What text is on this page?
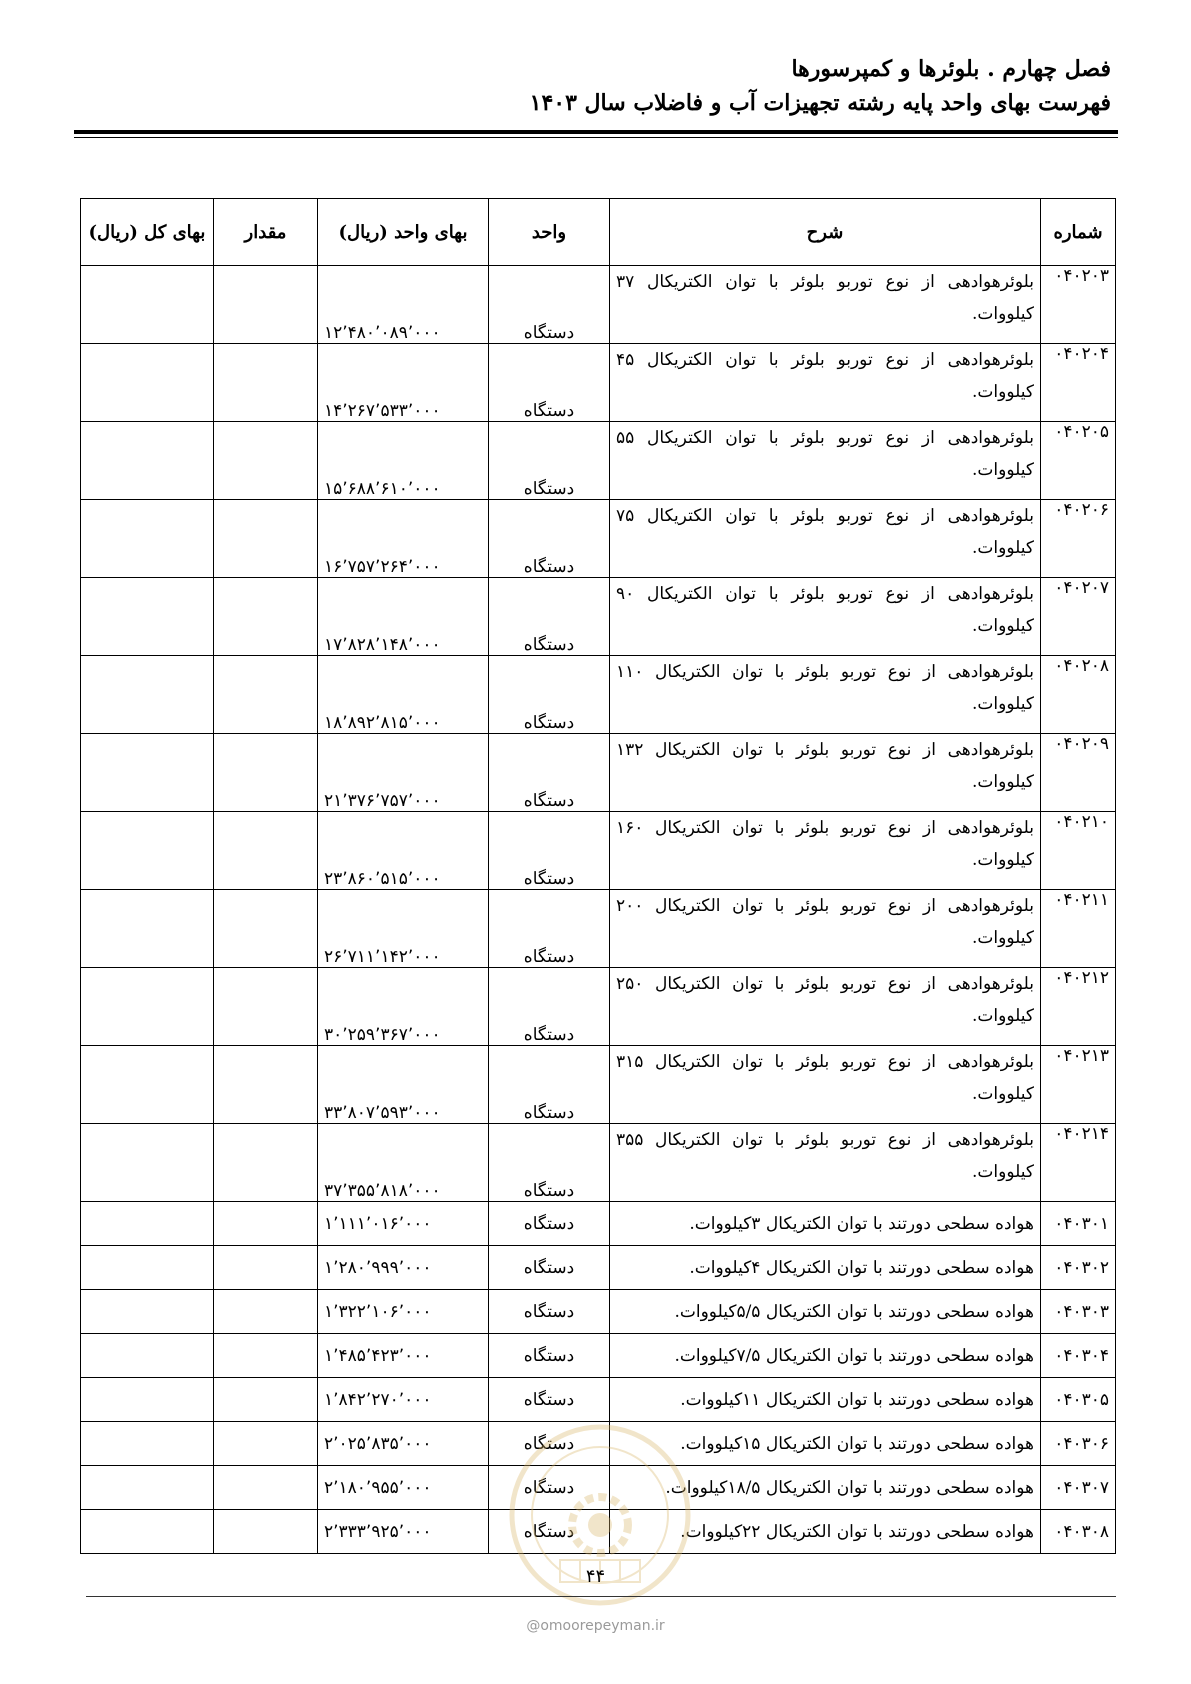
فصل چهارم . بلوئرها و کمپرسورها
فهرست بهای واحد پایه رشته تجهیزات آب و فاضلاب سال ۱۴۰۳
شماره	شرح	واحد	بهای واحد (ریال)	مقدار	بهای کل (ریال)
۰۴۰۲۰۳	بلوئرهوادهی از نوع توربو بلوئر با توان الکتریکال ۳۷ کیلووات.	دستگاه	۱۲٬۴۸۰٬۰۸۹٬۰۰۰		
۰۴۰۲۰۴	بلوئرهوادهی از نوع توربو بلوئر با توان الکتریکال ۴۵ کیلووات.	دستگاه	۱۴٬۲۶۷٬۵۳۳٬۰۰۰		
۰۴۰۲۰۵	بلوئرهوادهی از نوع توربو بلوئر با توان الکتریکال ۵۵ کیلووات.	دستگاه	۱۵٬۶۸۸٬۶۱۰٬۰۰۰		
۰۴۰۲۰۶	بلوئرهوادهی از نوع توربو بلوئر با توان الکتریکال ۷۵ کیلووات.	دستگاه	۱۶٬۷۵۷٬۲۶۴٬۰۰۰		
۰۴۰۲۰۷	بلوئرهوادهی از نوع توربو بلوئر با توان الکتریکال ۹۰ کیلووات.	دستگاه	۱۷٬۸۲۸٬۱۴۸٬۰۰۰		
۰۴۰۲۰۸	بلوئرهوادهی از نوع توربو بلوئر با توان الکتریکال ۱۱۰ کیلووات.	دستگاه	۱۸٬۸۹۲٬۸۱۵٬۰۰۰		
۰۴۰۲۰۹	بلوئرهوادهی از نوع توربو بلوئر با توان الکتریکال ۱۳۲ کیلووات.	دستگاه	۲۱٬۳۷۶٬۷۵۷٬۰۰۰		
۰۴۰۲۱۰	بلوئرهوادهی از نوع توربو بلوئر با توان الکتریکال ۱۶۰ کیلووات.	دستگاه	۲۳٬۸۶۰٬۵۱۵٬۰۰۰		
۰۴۰۲۱۱	بلوئرهوادهی از نوع توربو بلوئر با توان الکتریکال ۲۰۰ کیلووات.	دستگاه	۲۶٬۷۱۱٬۱۴۲٬۰۰۰		
۰۴۰۲۱۲	بلوئرهوادهی از نوع توربو بلوئر با توان الکتریکال ۲۵۰ کیلووات.	دستگاه	۳۰٬۲۵۹٬۳۶۷٬۰۰۰		
۰۴۰۲۱۳	بلوئرهوادهی از نوع توربو بلوئر با توان الکتریکال ۳۱۵ کیلووات.	دستگاه	۳۳٬۸۰۷٬۵۹۳٬۰۰۰		
۰۴۰۲۱۴	بلوئرهوادهی از نوع توربو بلوئر با توان الکتریکال ۳۵۵ کیلووات.	دستگاه	۳۷٬۳۵۵٬۸۱۸٬۰۰۰		
۰۴۰۳۰۱	هواده سطحی دورتند با توان الکتریکال ۳کیلووات.	دستگاه	۱٬۱۱۱٬۰۱۶٬۰۰۰		
۰۴۰۳۰۲	هواده سطحی دورتند با توان الکتریکال ۴کیلووات.	دستگاه	۱٬۲۸۰٬۹۹۹٬۰۰۰		
۰۴۰۳۰۳	هواده سطحی دورتند با توان الکتریکال ۵/۵کیلووات.	دستگاه	۱٬۳۲۲٬۱۰۶٬۰۰۰		
۰۴۰۳۰۴	هواده سطحی دورتند با توان الکتریکال ۷/۵کیلووات.	دستگاه	۱٬۴۸۵٬۴۲۳٬۰۰۰		
۰۴۰۳۰۵	هواده سطحی دورتند با توان الکتریکال ۱۱کیلووات.	دستگاه	۱٬۸۴۲٬۲۷۰٬۰۰۰		
۰۴۰۳۰۶	هواده سطحی دورتند با توان الکتریکال ۱۵کیلووات.	دستگاه	۲٬۰۲۵٬۸۳۵٬۰۰۰		
۰۴۰۳۰۷	هواده سطحی دورتند با توان الکتریکال ۱۸/۵کیلووات.	دستگاه	۲٬۱۸۰٬۹۵۵٬۰۰۰		
۰۴۰۳۰۸	هواده سطحی دورتند با توان الکتریکال ۲۲کیلووات.	دستگاه	۲٬۳۳۳٬۹۲۵٬۰۰۰		
۴۴
@omoorepeyman.ir
